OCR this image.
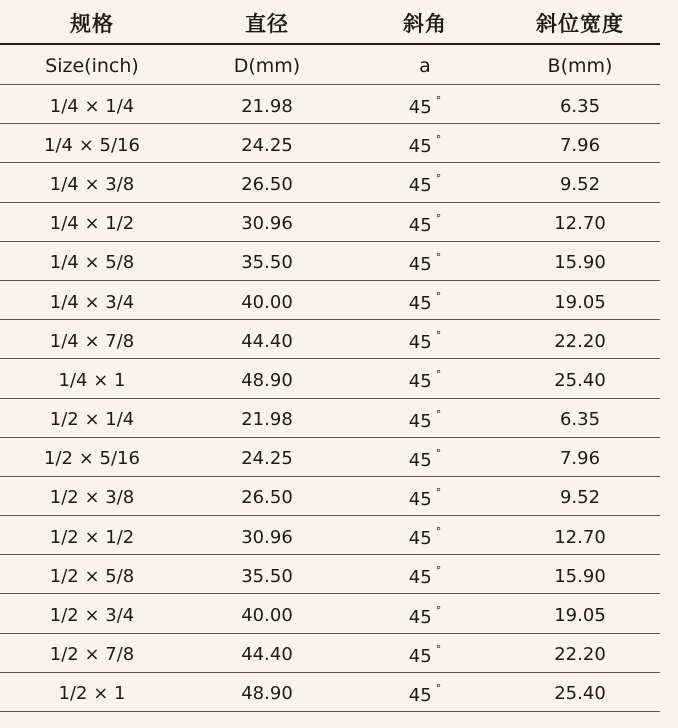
规格	直径	斜角	斜位宽度
Size(inch)	D(mm)	a	B(mm)
1/4 × 1/4	21.98	45 °	6.35
1/4 × 5/16	24.25	45 °	7.96
1/4 × 3/8	26.50	45 °	9.52
1/4 × 1/2	30.96	45 °	12.70
1/4 × 5/8	35.50	45 °	15.90
1/4 × 3/4	40.00	45 °	19.05
1/4 × 7/8	44.40	45 °	22.20
1/4 × 1	48.90	45 °	25.40
1/2 × 1/4	21.98	45 °	6.35
1/2 × 5/16	24.25	45 °	7.96
1/2 × 3/8	26.50	45 °	9.52
1/2 × 1/2	30.96	45 °	12.70
1/2 × 5/8	35.50	45 °	15.90
1/2 × 3/4	40.00	45 °	19.05
1/2 × 7/8	44.40	45 °	22.20
1/2 × 1	48.90	45 °	25.40
